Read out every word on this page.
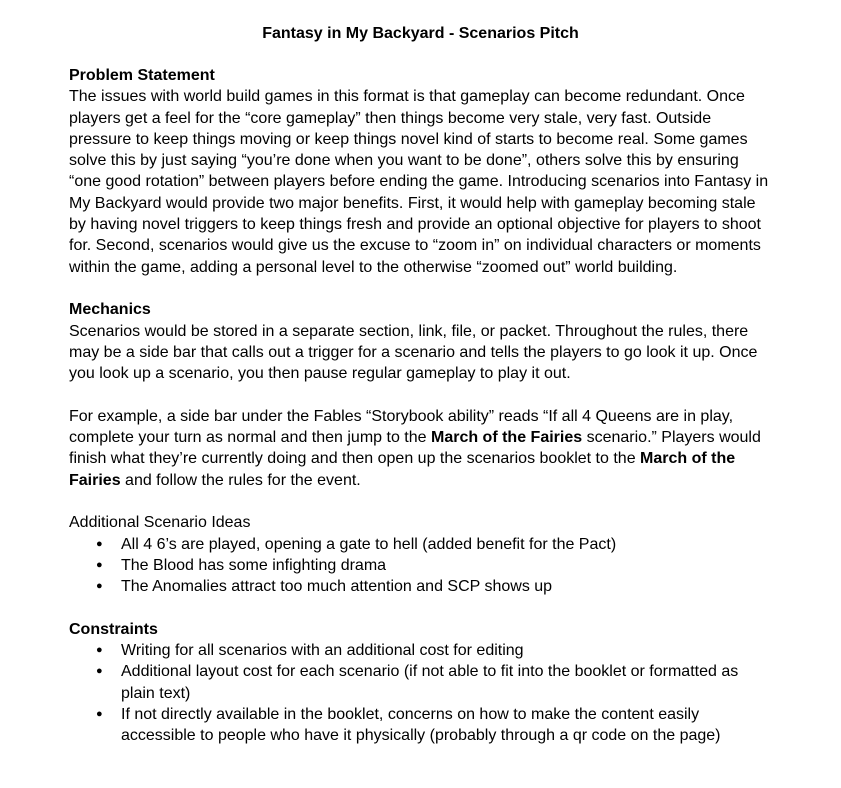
Fantasy in My Backyard - Scenarios Pitch

Problem Statement

The issues with world build games in this format is that gameplay can become redundant. Once players get a feel for the “core gameplay” then things become very stale, very fast. Outside pressure to keep things moving or keep things novel kind of starts to become real. Some games solve this by just saying “you’re done when you want to be done”, others solve this by ensuring “one good rotation” between players before ending the game. Introducing scenarios into Fantasy in My Backyard would provide two major benefits. First, it would help with gameplay becoming stale by having novel triggers to keep things fresh and provide an optional objective for players to shoot for. Second, scenarios would give us the excuse to “zoom in” on individual characters or moments within the game, adding a personal level to the otherwise “zoomed out” world building.

Mechanics

Scenarios would be stored in a separate section, link, file, or packet. Throughout the rules, there may be a side bar that calls out a trigger for a scenario and tells the players to go look it up. Once you look up a scenario, you then pause regular gameplay to play it out.

For example, a side bar under the Fables “Storybook ability” reads “If all 4 Queens are in play, complete your turn as normal and then jump to the March of the Fairies scenario.” Players would finish what they’re currently doing and then open up the scenarios booklet to the March of the Fairies and follow the rules for the event.

Additional Scenario Ideas

● All 4 6’s are played, opening a gate to hell (added benefit for the Pact)
● The Blood has some infighting drama
● The Anomalies attract too much attention and SCP shows up

Constraints

● Writing for all scenarios with an additional cost for editing
● Additional layout cost for each scenario (if not able to fit into the booklet or formatted as plain text)
● If not directly available in the booklet, concerns on how to make the content easily accessible to people who have it physically (probably through a qr code on the page)
